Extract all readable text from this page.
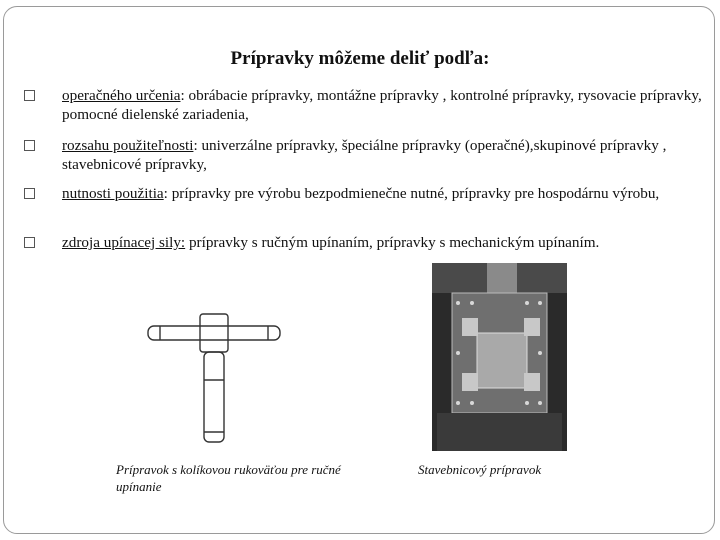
Prípravky môžeme deliť podľa:
operačného určenia: obrábacie prípravky, montážne prípravky , kontrolné prípravky, rysovacie prípravky, pomocné dielenské zariadenia,
rozsahu použiteľnosti: univerzálne prípravky, špeciálne prípravky (operačné),skupinové prípravky , stavebnicové prípravky,
nutnosti použitia: prípravky pre výrobu bezpodmienečne nutné, prípravky pre hospodárnu výrobu,
zdroja upínacej sily: prípravky s ručným upínaním, prípravky s mechanickým upínaním.
Prípravok s kolíkovou rukoväťou pre ručné upínanie
Stavebnicový prípravok
